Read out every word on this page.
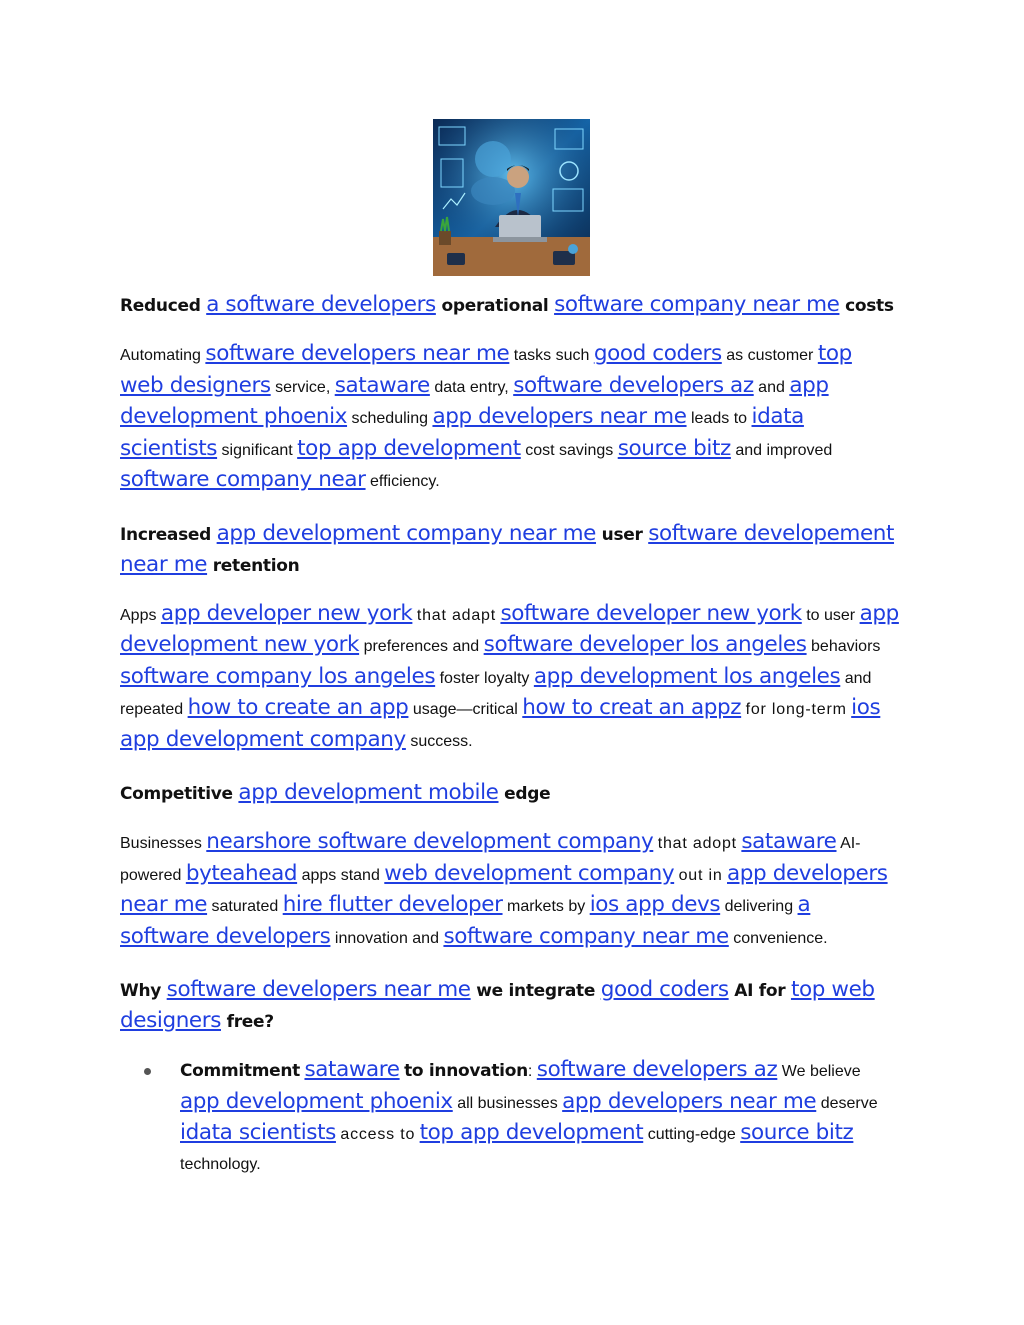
Reduced a software developers operational software company near me costs

Automating software developers near me tasks such good coders as customer top web designers service, sataware data entry, software developers az and app development phoenix scheduling app developers near me leads to idata scientists significant top app development cost savings source bitz and improved software company near efficiency.

Increased app development company near me user software developement near me retention

Apps app developer new york that adapt software developer new york to user app development new york preferences and software developer los angeles behaviors software company los angeles foster loyalty app development los angeles and repeated how to create an app usage—critical how to creat an appz for long-term ios app development company success.

Competitive app development mobile edge

Businesses nearshore software development company that adopt sataware AI-powered byteahead apps stand web development company out in app developers near me saturated hire flutter developer markets by ios app devs delivering a software developers innovation and software company near me convenience.

Why software developers near me we integrate good coders AI for top web designers free?

Commitment sataware to innovation: software developers az We believe app development phoenix all businesses app developers near me deserve idata scientists access to top app development cutting-edge source bitz technology.
